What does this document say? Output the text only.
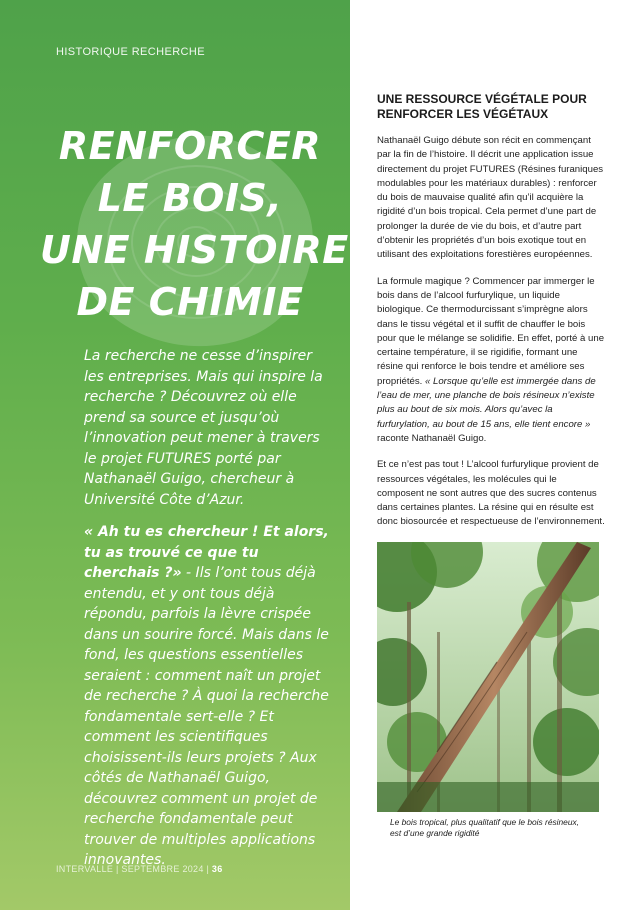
HISTORIQUE RECHERCHE
RENFORCER
LE BOIS,
UNE HISTOIRE
DE CHIMIE

La recherche ne cesse d’inspirer les entreprises. Mais qui inspire la recherche ? Découvrez où elle prend sa source et jusqu’où l’innovation peut mener à travers le projet FUTURES porté par Nathanaël Guigo, chercheur à Université Côte d’Azur.

« Ah tu es chercheur ! Et alors, tu as trouvé ce que tu cherchais ?» - Ils l’ont tous déjà entendu, et y ont tous déjà répondu, parfois la lèvre crispée dans un sourire forcé. Mais dans le fond, les questions essentielles seraient : comment naît un projet de recherche ? À quoi la recherche fondamentale sert-elle ? Et comment les scientifiques choisissent-ils leurs projets ? Aux côtés de Nathanaël Guigo, découvrez comment un projet de recherche fondamentale peut trouver de multiples applications innovantes.

INTERVALLE | SEPTEMBRE 2024 | 36
UNE RESSOURCE VÉGÉTALE POUR RENFORCER LES VÉGÉTAUX

Nathanaël Guigo débute son récit en commençant par la fin de l’histoire. Il décrit une application issue directement du projet FUTURES (Résines furaniques modulables pour les matériaux durables) : renforcer du bois de mauvaise qualité afin qu’il acquière la rigidité d’un bois tropical. Cela permet d’une part de prolonger la durée de vie du bois, et d’autre part d’obtenir les propriétés d’un bois exotique tout en utilisant des exploitations forestières européennes.

La formule magique ? Commencer par immerger le bois dans de l’alcool furfurylique, un liquide biologique. Ce thermodurcissant s’imprègne alors dans le tissu végétal et il suffit de chauffer le bois pour que le mélange se solidifie. En effet, porté à une certaine température, il se rigidifie, formant une résine qui renforce le bois tendre et améliore ses propriétés. « Lorsque qu’elle est immergée dans de l’eau de mer, une planche de bois résineux n’existe plus au bout de six mois. Alors qu’avec la furfurylation, au bout de 15 ans, elle tient encore » raconte Nathanaël Guigo.

Et ce n’est pas tout ! L’alcool furfurylique provient de ressources végétales, les molécules qui le composent ne sont autres que des sucres contenus dans certaines plantes. La résine qui en résulte est donc biosourcée et respectueuse de l’environnement.

Le bois tropical, plus qualitatif que le bois résineux, est d’une grande rigidité
